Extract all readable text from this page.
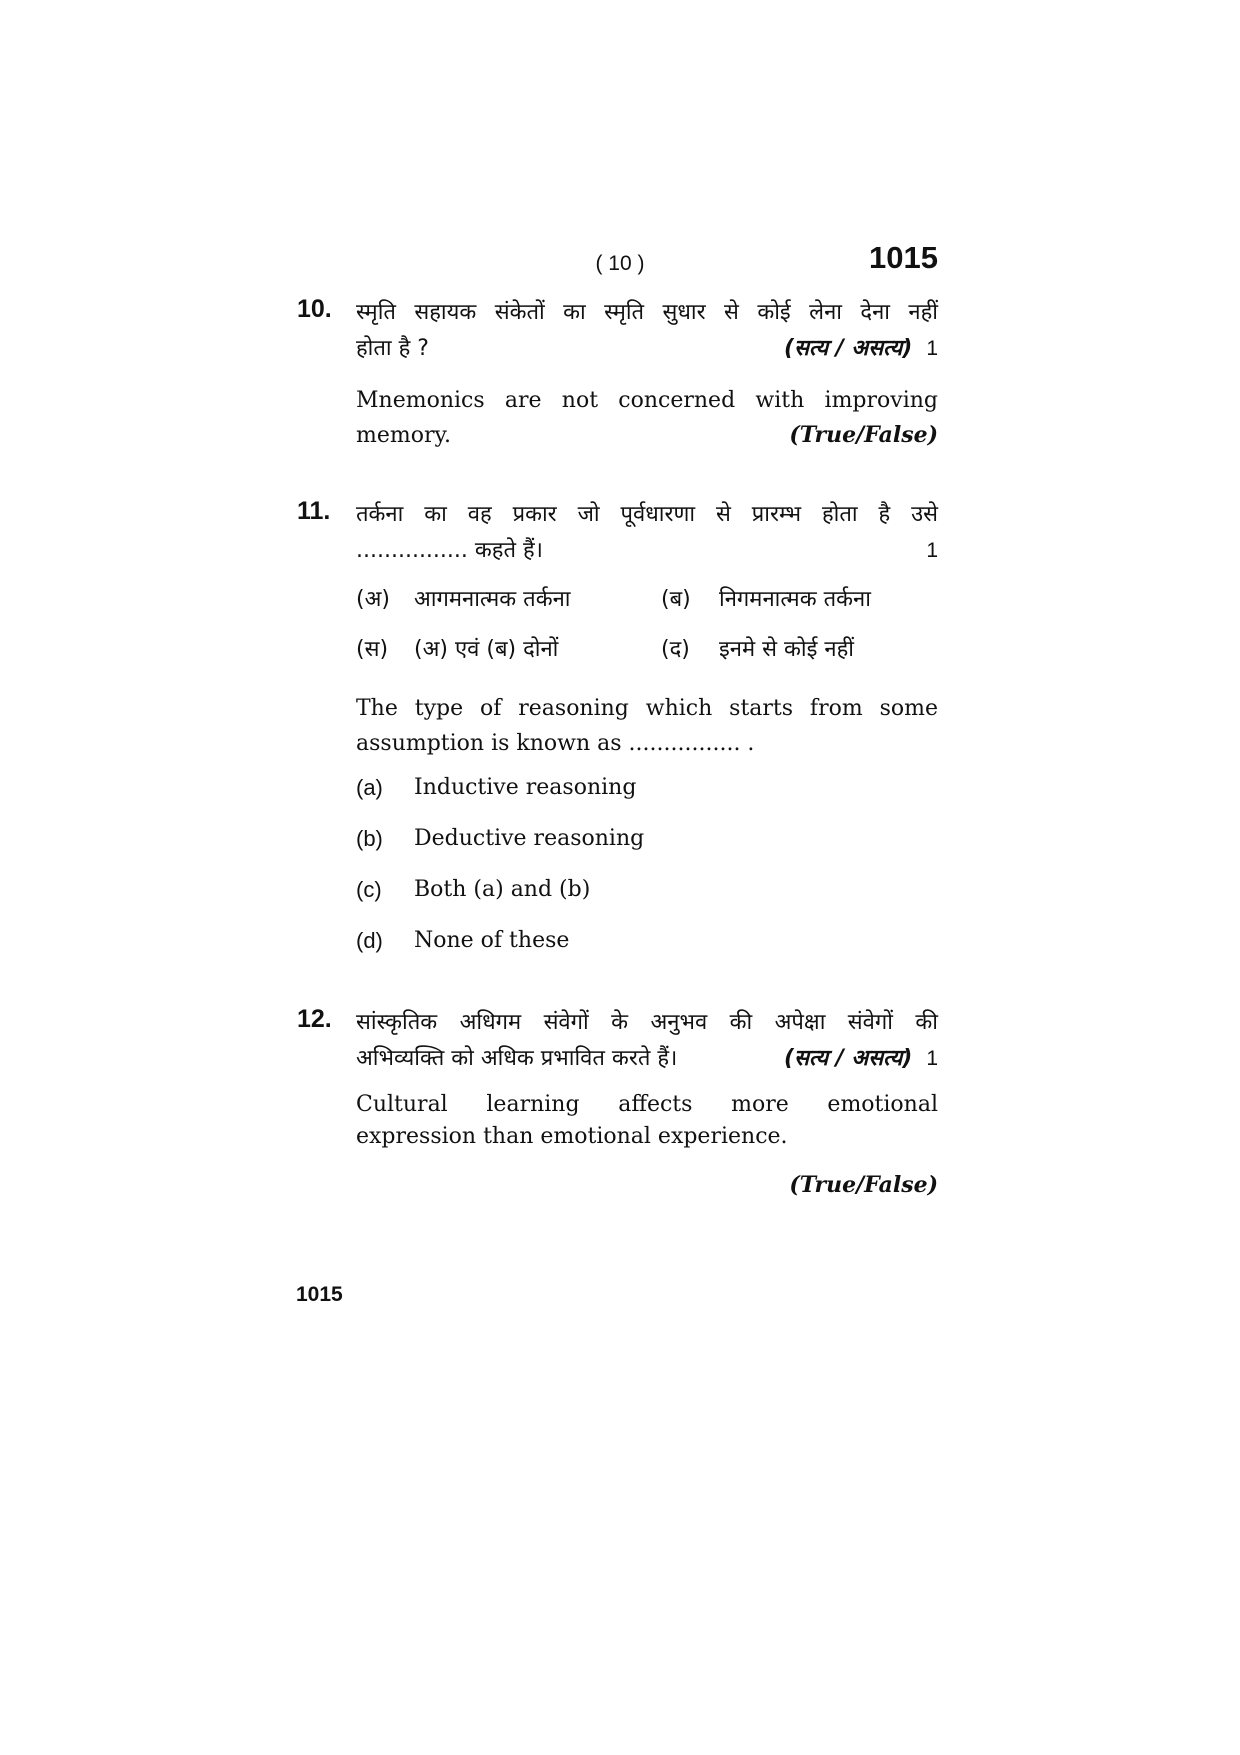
( 10 )	1015
10. स्मृति सहायक संकेतों का स्मृति सुधार से कोई लेना देना नहीं
होता है ?	(सत्य / असत्य) 1
Mnemonics are not concerned with improving
memory.	(True/False)
11. तर्कना का वह प्रकार जो पूर्वधारणा से प्रारम्भ होता है उसे
................ कहते हैं।	1
(अ)	आगमनात्मक तर्कना	(ब)	निगमनात्मक तर्कना
(स)	(अ) एवं (ब) दोनों	(द)	इनमे से कोई नहीं
The type of reasoning which starts from some
assumption is known as ................ .
(a)	Inductive reasoning
(b)	Deductive reasoning
(c)	Both (a) and (b)
(d)	None of these
12. सांस्कृतिक अधिगम संवेगों के अनुभव की अपेक्षा संवेगों की
अभिव्यक्ति को अधिक प्रभावित करते हैं।	(सत्य / असत्य) 1
Cultural learning affects more emotional
expression than emotional experience.
(True/False)
1015
